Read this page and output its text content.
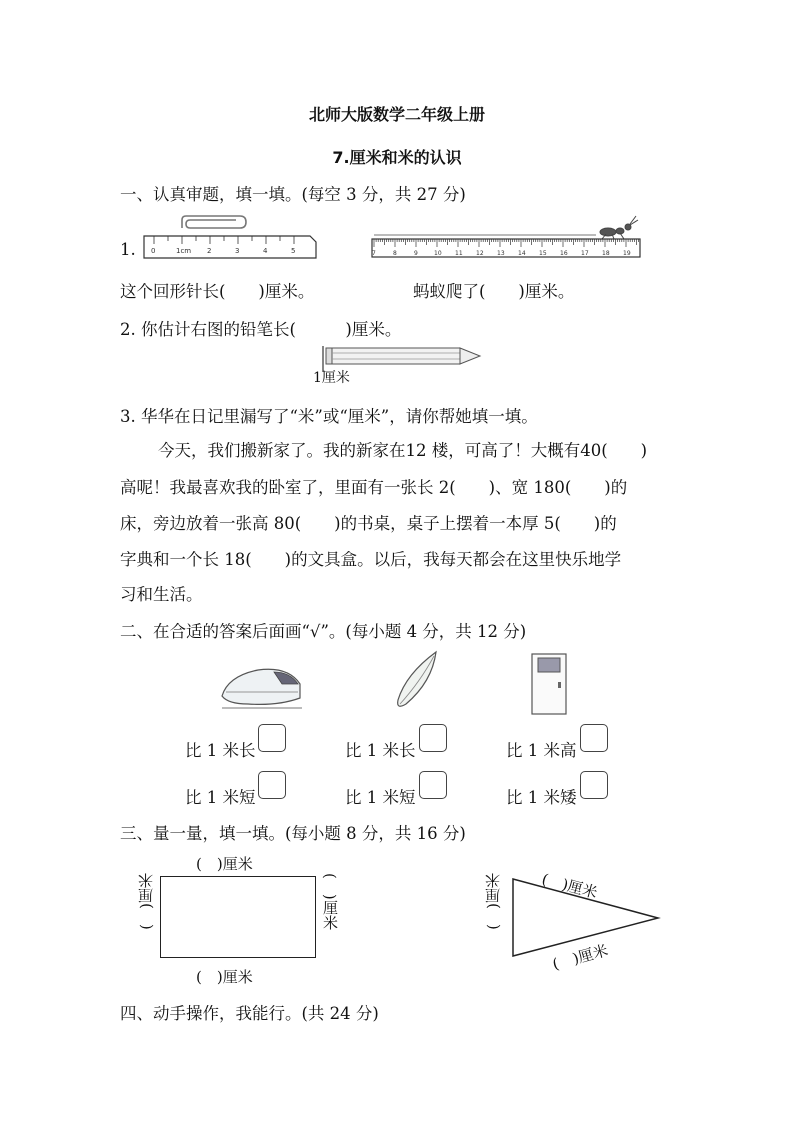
北师大版数学二年级上册
7.厘米和米的认识
一、认真审题，填一填。(每空 3 分，共 27 分)
1. 0	1cm 2	3	4	5	7	8	9	10 11 12 13 14 15 16 17 18 19
这个回形针长(　　)厘米。	蚂蚁爬了(　　)厘米。
2. 你估计右图的铅笔长(　　　)厘米。
1厘米
3. 华华在日记里漏写了“米”或“厘米”，请你帮她填一填。
今天，我们搬新家了。我的新家在12 楼，可高了！大概有40(　　)
高呢！我最喜欢我的卧室了，里面有一张长 2(　　)、宽 180(　　)的
床，旁边放着一张高 80(　　)的书桌，桌子上摆着一本厚 5(　　)的
字典和一个长 18(　　)的文具盒。以后，我每天都会在这里快乐地学
习和生活。
二、在合适的答案后面画“√”。(每小题 4 分，共 12 分)
比 1 米长	比 1 米长	比 1 米高
比 1 米短	比 1 米短	比 1 米矮
三、量一量，填一填。(每小题 8 分，共 16 分)
(　)厘米
(　)厘米	(　)厘米
(　)厘米
(　)厘米	(　)厘米
(　)厘米
四、动手操作，我能行。(共 24 分)
